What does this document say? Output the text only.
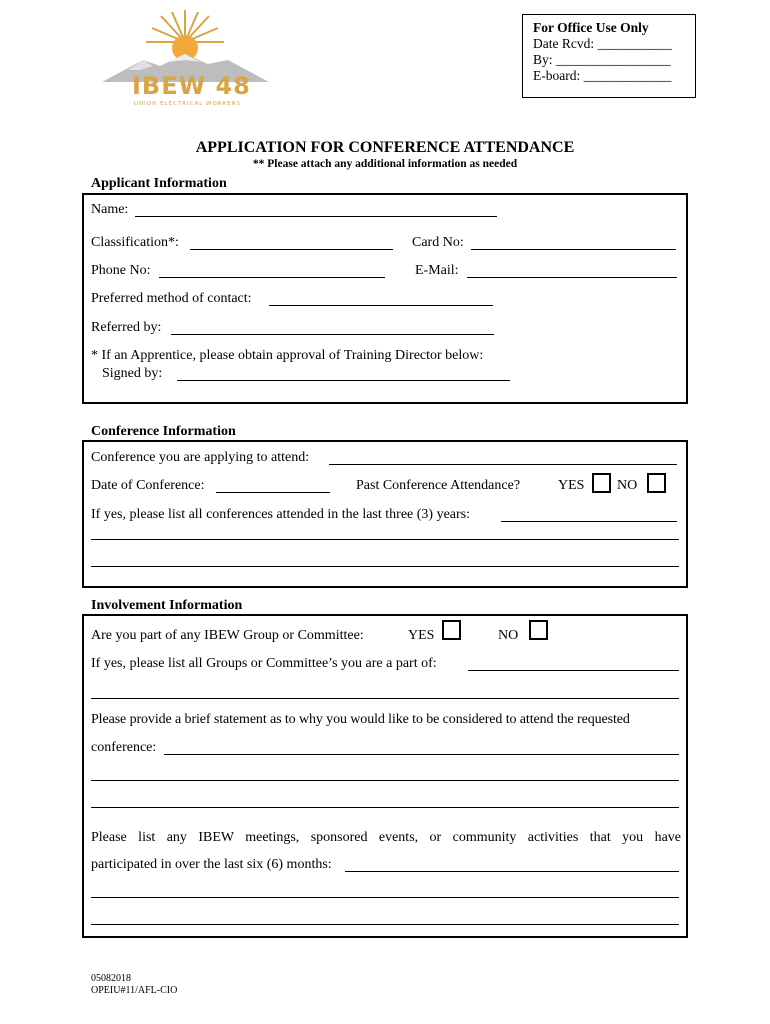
IBEW 48
UNION ELECTRICAL WORKERS
For Office Use Only
Date Rcvd: ___________
By: _________________
E-board: _____________
APPLICATION FOR CONFERENCE ATTENDANCE
** Please attach any additional information as needed
Applicant Information
Name:
Classification*:	Card No:
Phone No:	E-Mail:
Preferred method of contact:
Referred by:
* If an Apprentice, please obtain approval of Training Director below:
Signed by:
Conference Information
Conference you are applying to attend:
Date of Conference:	Past Conference Attendance?	YES NO
If yes, please list all conferences attended in the last three (3) years:
Involvement Information
Are you part of any IBEW Group or Committee:	YES	NO
If yes, please list all Groups or Committee’s you are a part of:
Please provide a brief statement as to why you would like to be considered to attend the requested
conference:
Please list any IBEW meetings, sponsored events, or community activities that you have
participated in over the last six (6) months:
05082018
OPEIU#11/AFL-CIO
